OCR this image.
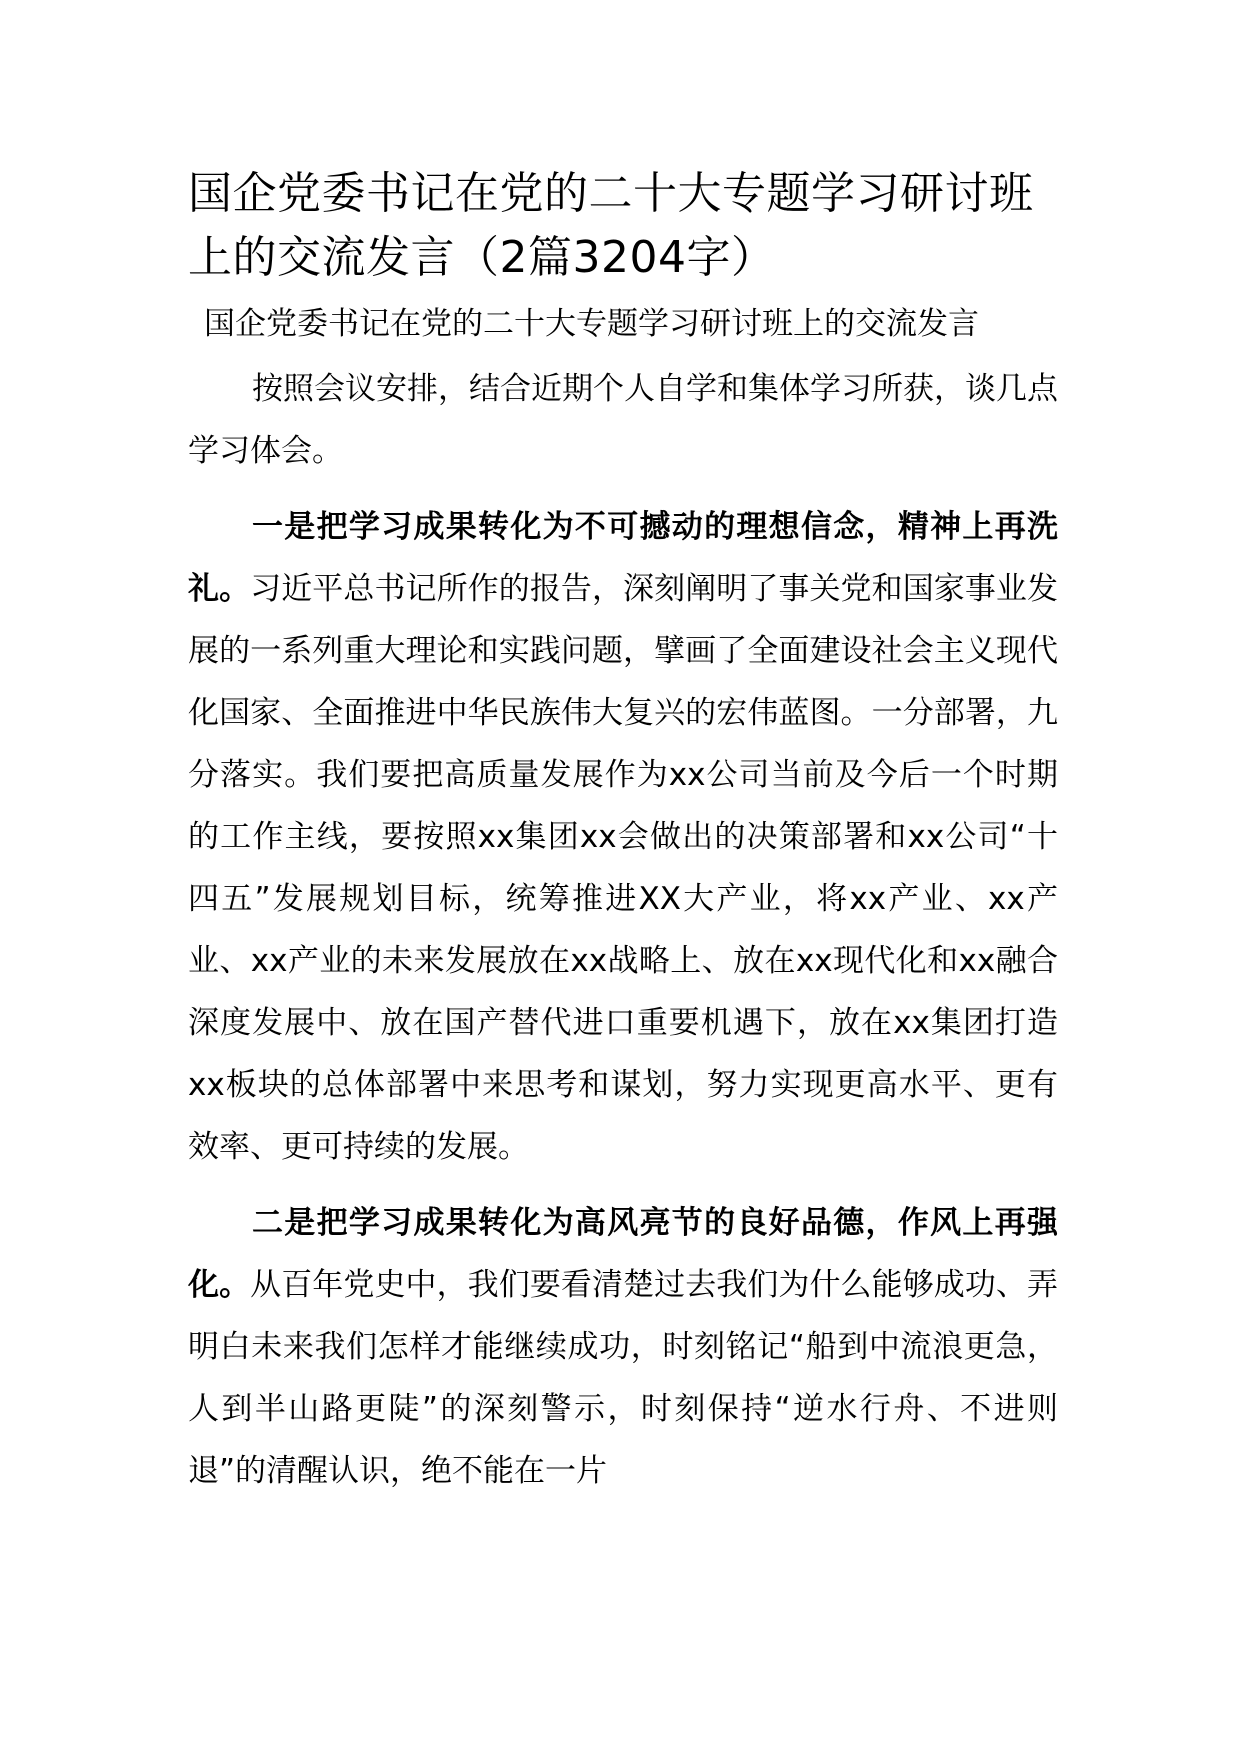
国企党委书记在党的二十大专题学习研讨班上的交流发言（2篇3204字）
国企党委书记在党的二十大专题学习研讨班上的交流发言

按照会议安排，结合近期个人自学和集体学习所获，谈几点学习体会。

一是把学习成果转化为不可撼动的理想信念，精神上再洗礼。习近平总书记所作的报告，深刻阐明了事关党和国家事业发展的一系列重大理论和实践问题，擘画了全面建设社会主义现代化国家、全面推进中华民族伟大复兴的宏伟蓝图。一分部署，九分落实。我们要把高质量发展作为xx公司当前及今后一个时期的工作主线，要按照xx集团xx会做出的决策部署和xx公司“十四五”发展规划目标，统筹推进XX大产业，将xx产业、xx产业、xx产业的未来发展放在xx战略上、放在xx现代化和xx融合深度发展中、放在国产替代进口重要机遇下，放在xx集团打造xx板块的总体部署中来思考和谋划，努力实现更高水平、更有效率、更可持续的发展。

二是把学习成果转化为高风亮节的良好品德，作风上再强化。从百年党史中，我们要看清楚过去我们为什么能够成功、弄明白未来我们怎样才能继续成功，时刻铭记“船到中流浪更急，人到半山路更陡”的深刻警示，时刻保持“逆水行舟、不进则退”的清醒认识，绝不能在一片
